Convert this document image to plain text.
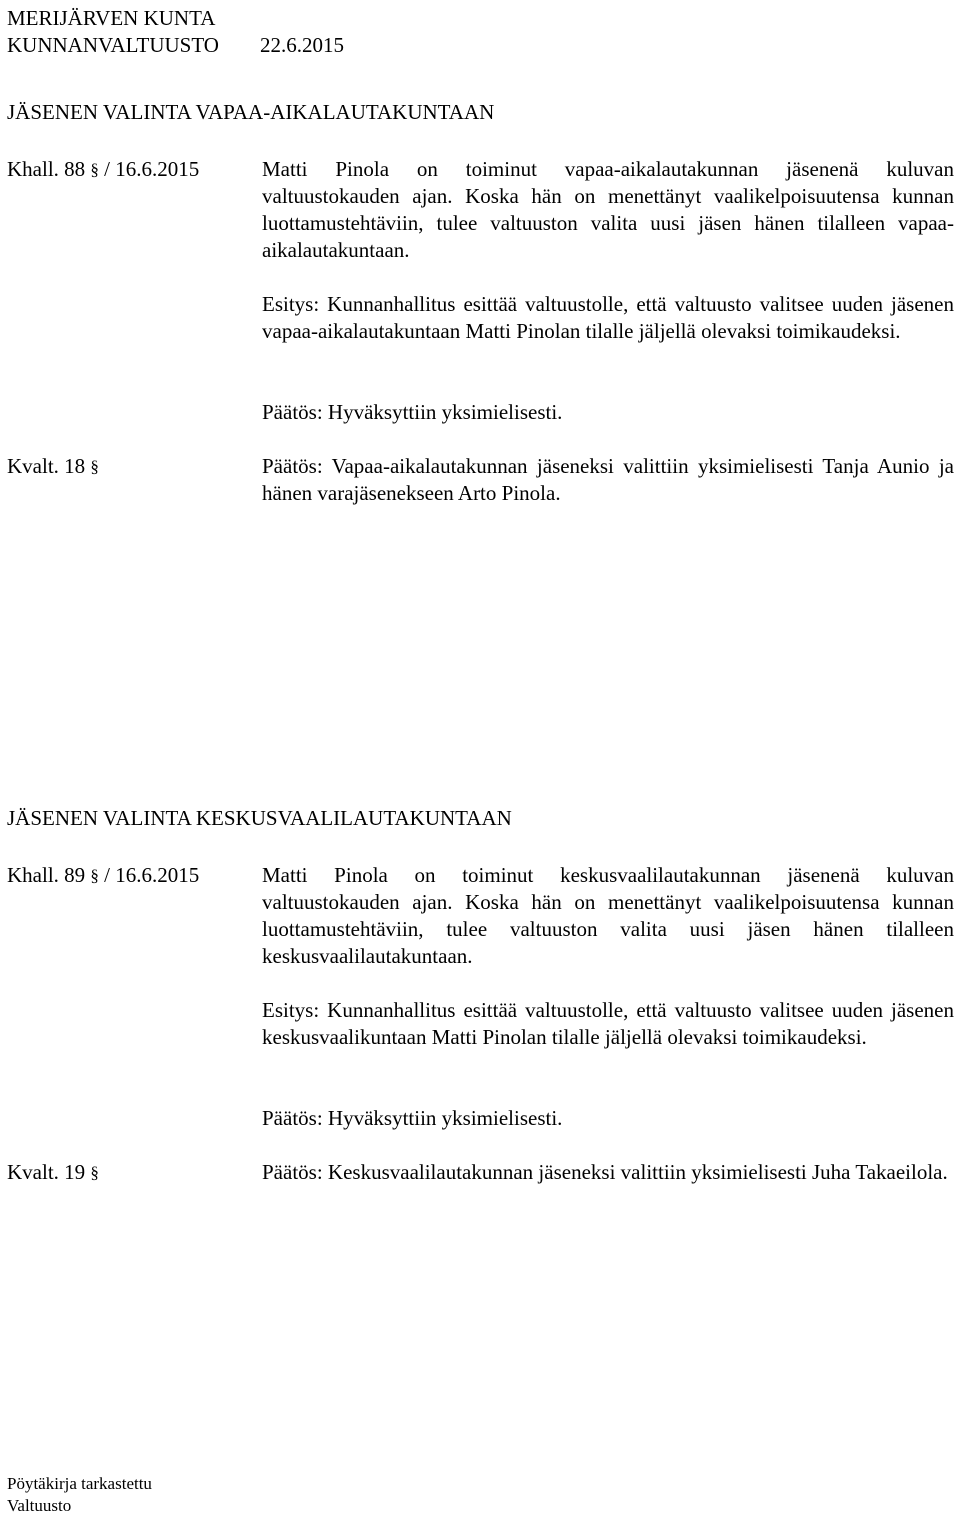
MERIJÄRVEN KUNTA
KUNNANVALTUUSTO 22.6.2015
JÄSENEN VALINTA VAPAA-AIKALAUTAKUNTAAN
Khall. 88 § / 16.6.2015	Matti Pinola on toiminut vapaa-aikalautakunnan jäsenenä kuluvan valtuustokauden ajan. Koska hän on menettänyt vaalikelpoisuutensa kunnan luottamustehtäviin, tulee valtuuston valita uusi jäsen hänen tilalleen vapaa-aikalautakuntaan.
Esitys: Kunnanhallitus esittää valtuustolle, että valtuusto valitsee uuden jäsenen vapaa-aikalautakuntaan Matti Pinolan tilalle jäljellä olevaksi toimikaudeksi.
Päätös: Hyväksyttiin yksimielisesti.
Kvalt. 18 §	Päätös: Vapaa-aikalautakunnan jäseneksi valittiin yksimielisesti Tanja Aunio ja hänen varajäsenekseen Arto Pinola.
JÄSENEN VALINTA KESKUSVAALILAUTAKUNTAAN
Khall. 89 § / 16.6.2015	Matti Pinola on toiminut keskusvaalilautakunnan jäsenenä kuluvan valtuustokauden ajan. Koska hän on menettänyt vaalikelpoisuutensa kunnan luottamustehtäviin, tulee valtuuston valita uusi jäsen hänen tilalleen keskusvaalilautakuntaan.
Esitys: Kunnanhallitus esittää valtuustolle, että valtuusto valitsee uuden jäsenen keskusvaalikuntaan Matti Pinolan tilalle jäljellä olevaksi toimikaudeksi.
Päätös: Hyväksyttiin yksimielisesti.
Kvalt. 19 §	Päätös: Keskusvaalilautakunnan jäseneksi valittiin yksimielisesti Juha Takaeilola.
Pöytäkirja tarkastettu
Valtuusto
